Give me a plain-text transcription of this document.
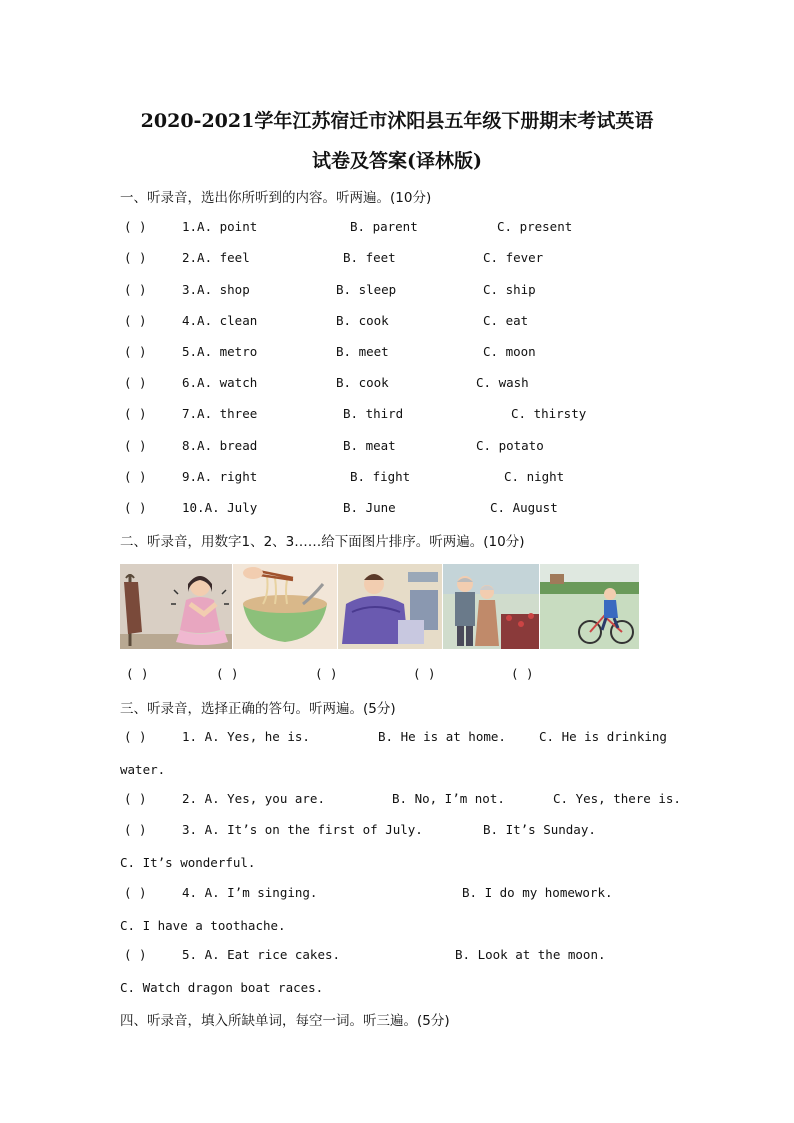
2020-2021学年江苏宿迁市沭阳县五年级下册期末考试英语
试卷及答案(译林版)
一、听录音，选出你所听到的内容。听两遍。(10分)
( )	1.A. point	B. parent	C. present
( )	2.A. feel	B. feet	C. fever
( )	3.A. shop	B. sleep	C. ship
( )	4.A. clean	B. cook	C. eat
( )	5.A. metro	B. meet	C. moon
( )	6.A. watch	B. cook	C. wash
( )	7.A. three	B. third	C. thirsty
( )	8.A. bread	B. meat	C. potato
( )	9.A. right	B. fight	C. night
( )	10.A. July	B. June	C. August
二、听录音，用数字1、2、3……给下面图片排序。听两遍。(10分)
( )	( )	( )	( )	( )
三、听录音，选择正确的答句。听两遍。(5分)
( )	1. A. Yes, he is.	B. He is at home.	C. He is drinking
water.
( )	2. A. Yes, you are.	B. No, I’m not.	C. Yes, there is.
( )	3. A. It’s on the first of July.	B. It’s Sunday.
C. It’s wonderful.
( )	4. A. I’m singing.	B. I do my homework.
C. I have a toothache.
( )	5. A. Eat rice cakes.	B. Look at the moon.
C. Watch dragon boat races.
四、听录音，填入所缺单词，每空一词。听三遍。(5分)
